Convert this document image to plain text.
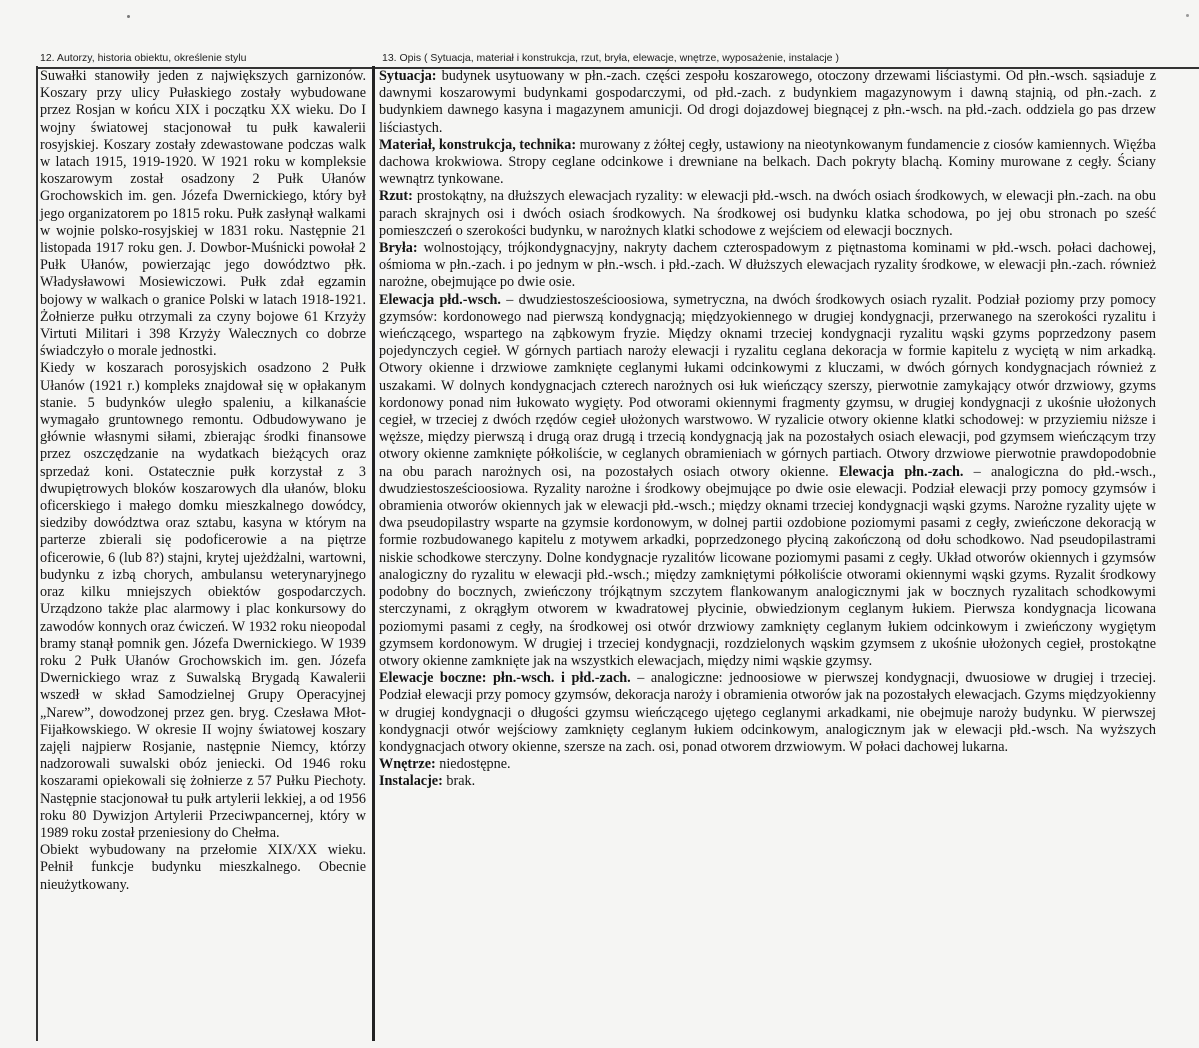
12. Autorzy, historia obiektu, określenie stylu	13. Opis ( Sytuacja, materiał i konstrukcja, rzut, bryła, elewacje, wnętrze, wyposażenie, instalacje )

Suwałki stanowiły jeden z największych garnizonów. Koszary przy ulicy Pułaskiego zostały wybudowane przez Rosjan w końcu XIX i początku XX wieku. Do I wojny światowej stacjonował tu pułk kawalerii rosyjskiej. Koszary zostały zdewastowane podczas walk w latach 1915, 1919-1920. W 1921 roku w kompleksie koszarowym został osadzony 2 Pułk Ułanów Grochowskich im. gen. Józefa Dwernickiego, który był jego organizatorem po 1815 roku. Pułk zasłynął walkami w wojnie polsko-rosyjskiej w 1831 roku. Następnie 21 listopada 1917 roku gen. J. Dowbor-Muśnicki powołał 2 Pułk Ułanów, powierzając jego dowództwo płk. Władysławowi Mosiewiczowi. Pułk zdał egzamin bojowy w walkach o granice Polski w latach 1918-1921. Żołnierze pułku otrzymali za czyny bojowe 61 Krzyży Virtuti Militari i 398 Krzyży Walecznych co dobrze świadczyło o morale jednostki.

Kiedy w koszarach porosyjskich osadzono 2 Pułk Ułanów (1921 r.) kompleks znajdował się w opłakanym stanie. 5 budynków uległo spaleniu, a kilkanaście wymagało gruntownego remontu. Odbudowywano je głównie własnymi siłami, zbierając środki finansowe przez oszczędzanie na wydatkach bieżących oraz sprzedaż koni. Ostatecznie pułk korzystał z 3 dwupiętrowych bloków koszarowych dla ułanów, bloku oficerskiego i małego domku mieszkalnego dowódcy, siedziby dowództwa oraz sztabu, kasyna w którym na parterze zbierali się podoficerowie a na piętrze oficerowie, 6 (lub 8?) stajni, krytej ujeżdżalni, wartowni, budynku z izbą chorych, ambulansu weterynaryjnego oraz kilku mniejszych obiektów gospodarczych. Urządzono także plac alarmowy i plac konkursowy do zawodów konnych oraz ćwiczeń. W 1932 roku nieopodal bramy stanął pomnik gen. Józefa Dwernickiego. W 1939 roku 2 Pułk Ułanów Grochowskich im. gen. Józefa Dwernickiego wraz z Suwalską Brygadą Kawalerii wszedł w skład Samodzielnej Grupy Operacyjnej „Narew”, dowodzonej przez gen. bryg. Czesława Młot-Fijałkowskiego. W okresie II wojny światowej koszary zajęli najpierw Rosjanie, następnie Niemcy, którzy nadzorowali suwalski obóz jeniecki. Od 1946 roku koszarami opiekowali się żołnierze z 57 Pułku Piechoty. Następnie stacjonował tu pułk artylerii lekkiej, a od 1956 roku 80 Dywizjon Artylerii Przeciwpancernej, który w 1989 roku został przeniesiony do Chełma.

Obiekt wybudowany na przełomie XIX/XX wieku. Pełnił funkcje budynku mieszkalnego. Obecnie nieużytkowany.

Sytuacja: budynek usytuowany w płn.-zach. części zespołu koszarowego, otoczony drzewami liściastymi. Od płn.-wsch. sąsiaduje z dawnymi koszarowymi budynkami gospodarczymi, od płd.-zach. z budynkiem magazynowym i dawną stajnią, od płn.-zach. z budynkiem dawnego kasyna i magazynem amunicji. Od drogi dojazdowej biegnącej z płn.-wsch. na płd.-zach. oddziela go pas drzew liściastych.

Materiał, konstrukcja, technika: murowany z żółtej cegły, ustawiony na nieotynkowanym fundamencie z ciosów kamiennych. Więźba dachowa krokwiowa. Stropy ceglane odcinkowe i drewniane na belkach. Dach pokryty blachą. Kominy murowane z cegły. Ściany wewnątrz tynkowane.

Rzut: prostokątny, na dłuższych elewacjach ryzality: w elewacji płd.-wsch. na dwóch osiach środkowych, w elewacji płn.-zach. na obu parach skrajnych osi i dwóch osiach środkowych. Na środkowej osi budynku klatka schodowa, po jej obu stronach po sześć pomieszczeń o szerokości budynku, w narożnych klatki schodowe z wejściem od elewacji bocznych.

Bryła: wolnostojący, trójkondygnacyjny, nakryty dachem czterospadowym z piętnastoma kominami w płd.-wsch. połaci dachowej, ośmioma w płn.-zach. i po jednym w płn.-wsch. i płd.-zach. W dłuższych elewacjach ryzality środkowe, w elewacji płn.-zach. również narożne, obejmujące po dwie osie.

Elewacja płd.-wsch. – dwudziestosześcioosiowa, symetryczna, na dwóch środkowych osiach ryzalit. Podział poziomy przy pomocy gzymsów: kordonowego nad pierwszą kondygnacją; międzyokiennego w drugiej kondygnacji, przerwanego na szerokości ryzalitu i wieńczącego, wspartego na ząbkowym fryzie. Między oknami trzeciej kondygnacji ryzalitu wąski gzyms poprzedzony pasem pojedynczych cegieł. W górnych partiach naroży elewacji i ryzalitu ceglana dekoracja w formie kapitelu z wyciętą w nim arkadką. Otwory okienne i drzwiowe zamknięte ceglanymi łukami odcinkowymi z kluczami, w dwóch górnych kondygnacjach również z uszakami. W dolnych kondygnacjach czterech narożnych osi łuk wieńczący szerszy, pierwotnie zamykający otwór drzwiowy, gzyms kordonowy ponad nim łukowato wygięty. Pod otworami okiennymi fragmenty gzymsu, w drugiej kondygnacji z ukośnie ułożonych cegieł, w trzeciej z dwóch rzędów cegieł ułożonych warstwowo. W ryzalicie otwory okienne klatki schodowej: w przyziemiu niższe i węższe, między pierwszą i drugą oraz drugą i trzecią kondygnacją jak na pozostałych osiach elewacji, pod gzymsem wieńczącym trzy otwory okienne zamknięte półkoliście, w ceglanych obramieniach w górnych partiach. Otwory drzwiowe pierwotnie prawdopodobnie na obu parach narożnych osi, na pozostałych osiach otwory okienne. Elewacja płn.-zach. – analogiczna do płd.-wsch., dwudziestosześcioosiowa. Ryzality narożne i środkowy obejmujące po dwie osie elewacji. Podział elewacji przy pomocy gzymsów i obramienia otworów okiennych jak w elewacji płd.-wsch.; między oknami trzeciej kondygnacji wąski gzyms. Narożne ryzality ujęte w dwa pseudopilastry wsparte na gzymsie kordonowym, w dolnej partii ozdobione poziomymi pasami z cegły, zwieńczone dekoracją w formie rozbudowanego kapitelu z motywem arkadki, poprzedzonego płyciną zakończoną od dołu schodkowo. Nad pseudopilastrami niskie schodkowe sterczyny. Dolne kondygnacje ryzalitów licowane poziomymi pasami z cegły. Układ otworów okiennych i gzymsów analogiczny do ryzalitu w elewacji płd.-wsch.; między zamkniętymi półkoliście otworami okiennymi wąski gzyms. Ryzalit środkowy podobny do bocznych, zwieńczony trójkątnym szczytem flankowanym analogicznymi jak w bocznych ryzalitach schodkowymi sterczynami, z okrągłym otworem w kwadratowej płycinie, obwiedzionym ceglanym łukiem. Pierwsza kondygnacja licowana poziomymi pasami z cegły, na środkowej osi otwór drzwiowy zamknięty ceglanym łukiem odcinkowym i zwieńczony wygiętym gzymsem kordonowym. W drugiej i trzeciej kondygnacji, rozdzielonych wąskim gzymsem z ukośnie ułożonych cegieł, prostokątne otwory okienne zamknięte jak na wszystkich elewacjach, między nimi wąskie gzymsy.

Elewacje boczne: płn.-wsch. i płd.-zach. – analogiczne: jednoosiowe w pierwszej kondygnacji, dwuosiowe w drugiej i trzeciej. Podział elewacji przy pomocy gzymsów, dekoracja naroży i obramienia otworów jak na pozostałych elewacjach. Gzyms międzyokienny w drugiej kondygnacji o długości gzymsu wieńczącego ujętego ceglanymi arkadkami, nie obejmuje naroży budynku. W pierwszej kondygnacji otwór wejściowy zamknięty ceglanym łukiem odcinkowym, analogicznym jak w elewacji płd.-wsch. Na wyższych kondygnacjach otwory okienne, szersze na zach. osi, ponad otworem drzwiowym. W połaci dachowej lukarna.

Wnętrze: niedostępne.

Instalacje: brak.
